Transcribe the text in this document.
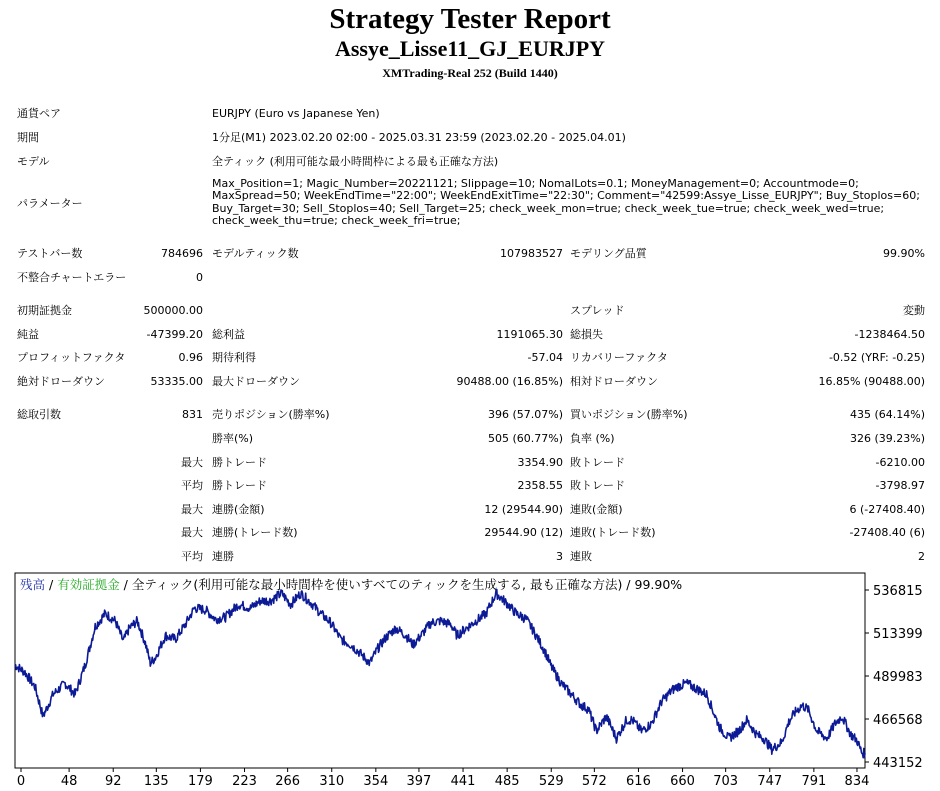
Strategy Tester Report
Assye_Lisse11_GJ_EURJPY
XMTrading-Real 252 (Build 1440)
通貨ペア	EURJPY (Euro vs Japanese Yen)
期間	1分足(M1) 2023.02.20 02:00 - 2025.03.31 23:59 (2023.02.20 - 2025.04.01)
モデル	全ティック (利用可能な最小時間枠による最も正確な方法)
パラメーター
Max_Position=1; Magic_Number=20221121; Slippage=10; NomalLots=0.1; MoneyManagement=0; Accountmode=0; MaxSpread=50; WeekEndTime="22:00"; WeekEndExitTime="22:30"; Comment="42599:Assye_Lisse_EURJPY"; Buy_Stoplos=60; Buy_Target=30; Sell_Stoplos=40; Sell_Target=25; check_week_mon=true; check_week_tue=true; check_week_wed=true; check_week_thu=true; check_week_fri=true;
テストバー数	784696 モデルティック数	107983527 モデリング品質	99.90%
不整合チャートエラー	0
初期証拠金	500000.00	スプレッド	変動
純益	-47399.20 総利益	1191065.30 総損失	-1238464.50
プロフィットファクタ	0.96 期待利得	-57.04 リカバリーファクタ	-0.52 (YRF: -0.25)
絶対ドローダウン	53335.00 最大ドローダウン	90488.00 (16.85%) 相対ドローダウン	16.85% (90488.00)
総取引数	831 売りポジション(勝率%)	396 (57.07%) 買いポジション(勝率%)	435 (64.14%)
勝率(%)	505 (60.77%) 負率 (%)	326 (39.23%)
最大 勝トレード	3354.90 敗トレード	-6210.00
平均 勝トレード	2358.55 敗トレード	-3798.97
最大 連勝(金額)	12 (29544.90) 連敗(金額)	6 (-27408.40)
最大 連勝(トレード数)	29544.90 (12) 連敗(トレード数)	-27408.40 (6)
平均 連勝	3 連敗	2
残高 / 有効証拠金 / 全ティック(利用可能な最小時間枠を使いすべてのティックを生成する, 最も正確な方法) / 99.90%	536815
513399
489983
466568
443152
0	48 92 135 179 223 266 310 354 397 441 485 529 572 616 660 703 747 791 834
